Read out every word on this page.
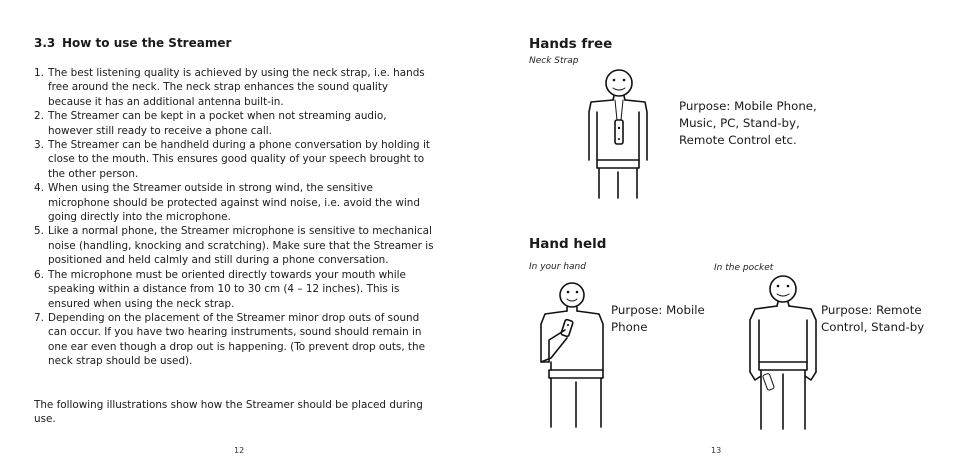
3.3 How to use the Streamer
1. The best listening quality is achieved by using the neck strap, i.e. hands free around the neck. The neck strap enhances the sound quality because it has an additional antenna built-in.
2. The Streamer can be kept in a pocket when not streaming audio, however still ready to receive a phone call.
3. The Streamer can be handheld during a phone conversation by holding it close to the mouth. This ensures good quality of your speech brought to the other person.
4. When using the Streamer outside in strong wind, the sensitive microphone should be protected against wind noise, i.e. avoid the wind going directly into the microphone.
5. Like a normal phone, the Streamer microphone is sensitive to mechanical noise (handling, knocking and scratching). Make sure that the Streamer is positioned and held calmly and still during a phone conversation.
6. The microphone must be oriented directly towards your mouth while speaking within a distance from 10 to 30 cm (4 – 12 inches). This is ensured when using the neck strap.
7. Depending on the placement of the Streamer minor drop outs of sound can occur. If you have two hearing instruments, sound should remain in one ear even though a drop out is happening. (To prevent drop outs, the neck strap should be used).
The following illustrations show how the Streamer should be placed during use.
12
Hands free
Neck Strap
Purpose: Mobile Phone, Music, PC, Stand-by, Remote Control etc.
Hand held
In your hand	In the pocket
Purpose: Mobile Phone
Purpose: Remote Control, Stand-by
13
